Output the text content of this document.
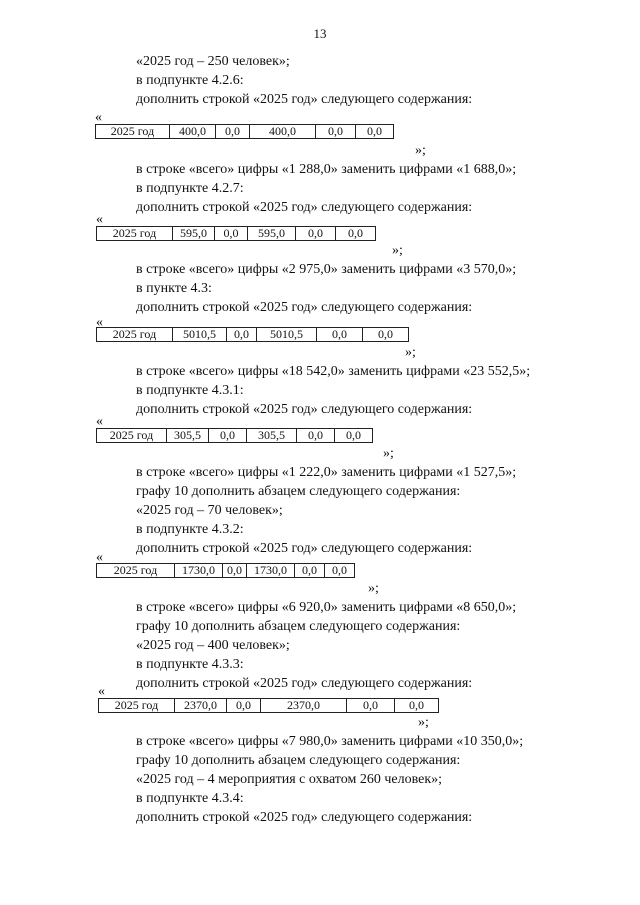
13
«2025 год – 250 человек»;
в подпункте 4.2.6:
дополнить строкой «2025 год» следующего содержания:
«
2025 год	400,0	0,0	400,0	0,0	0,0
»;
в строке «всего» цифры «1 288,0» заменить цифрами «1 688,0»;
в подпункте 4.2.7:
дополнить строкой «2025 год» следующего содержания:
«
2025 год	595,0	0,0	595,0	0,0	0,0
»;
в строке «всего» цифры «2 975,0» заменить цифрами «3 570,0»;
в пункте 4.3:
дополнить строкой «2025 год» следующего содержания:
«
2025 год	5010,5	0,0	5010,5	0,0	0,0
»;
в строке «всего» цифры «18 542,0» заменить цифрами «23 552,5»;
в подпункте 4.3.1:
дополнить строкой «2025 год» следующего содержания:
«
2025 год	305,5	0,0	305,5	0,0	0,0
»;
в строке «всего» цифры «1 222,0» заменить цифрами «1 527,5»;
графу 10 дополнить абзацем следующего содержания:
«2025 год – 70 человек»;
в подпункте 4.3.2:
дополнить строкой «2025 год» следующего содержания:
«
2025 год	1730,0	0,0	1730,0	0,0	0,0
»;
в строке «всего» цифры «6 920,0» заменить цифрами «8 650,0»;
графу 10 дополнить абзацем следующего содержания:
«2025 год – 400 человек»;
в подпункте 4.3.3:
дополнить строкой «2025 год» следующего содержания:
«
2025 год	2370,0	0,0	2370,0	0,0	0,0
»;
в строке «всего» цифры «7 980,0» заменить цифрами «10 350,0»;
графу 10 дополнить абзацем следующего содержания:
«2025 год – 4 мероприятия с охватом 260 человек»;
в подпункте 4.3.4:
дополнить строкой «2025 год» следующего содержания:
